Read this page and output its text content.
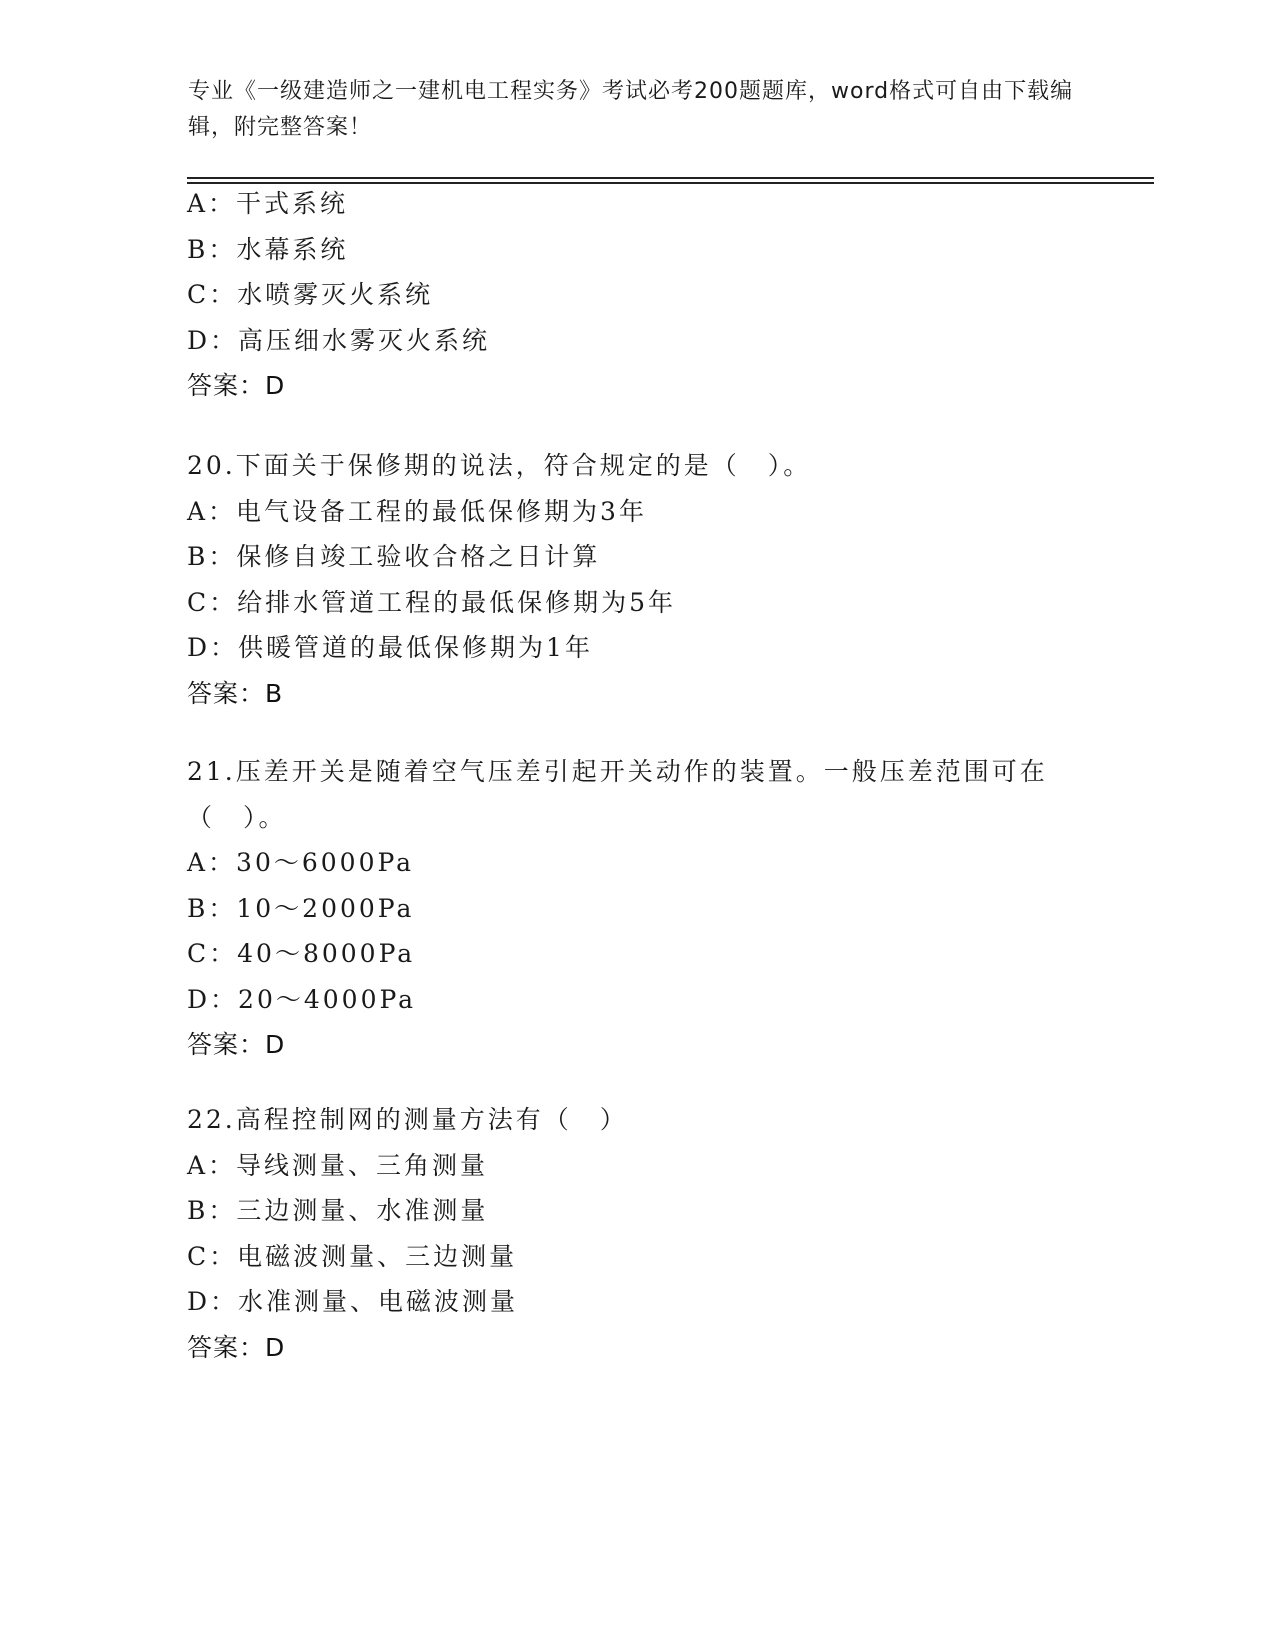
专业《一级建造师之一建机电工程实务》考试必考200题题库，word格式可自由下载编辑，附完整答案！
A：干式系统
B：水幕系统
C：水喷雾灭火系统
D：高压细水雾灭火系统
答案：D
20.下面关于保修期的说法，符合规定的是（　）。
A：电气设备工程的最低保修期为3年
B：保修自竣工验收合格之日计算
C：给排水管道工程的最低保修期为5年
D：供暖管道的最低保修期为1年
答案：B
21.压差开关是随着空气压差引起开关动作的装置。一般压差范围可在
（　）。
A：30～6000Pa
B：10～2000Pa
C：40～8000Pa
D：20～4000Pa
答案：D
22.高程控制网的测量方法有（　）
A：导线测量、三角测量
B：三边测量、水准测量
C：电磁波测量、三边测量
D：水准测量、电磁波测量
答案：D
